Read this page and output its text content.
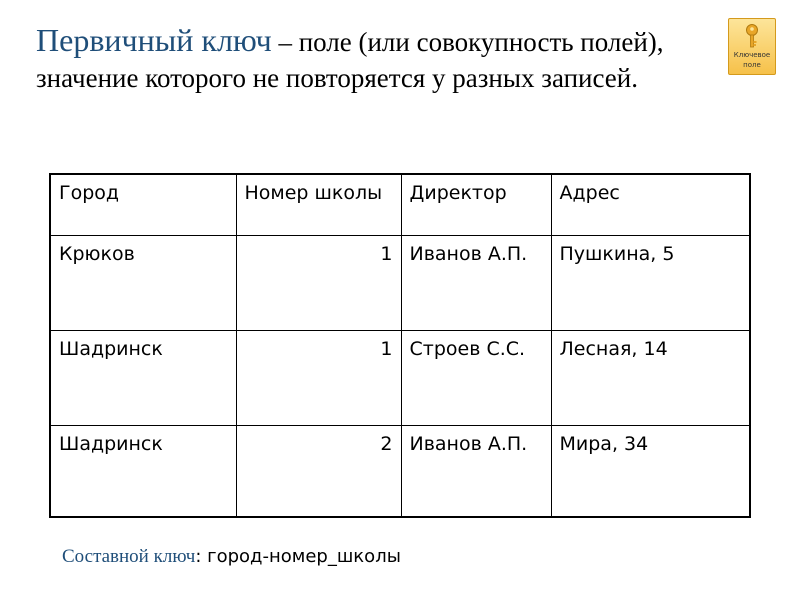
Первичный ключ – поле (или совокупность полей), значение которого не повторяется у разных записей.
Ключевое
поле
Город	Номер школы	Директор	Адрес
Крюков	1	Иванов А.П.	Пушкина, 5
Шадринск	1	Строев С.С.	Лесная, 14
Шадринск	2	Иванов А.П.	Мира, 34
Составной ключ: город-номер_школы
